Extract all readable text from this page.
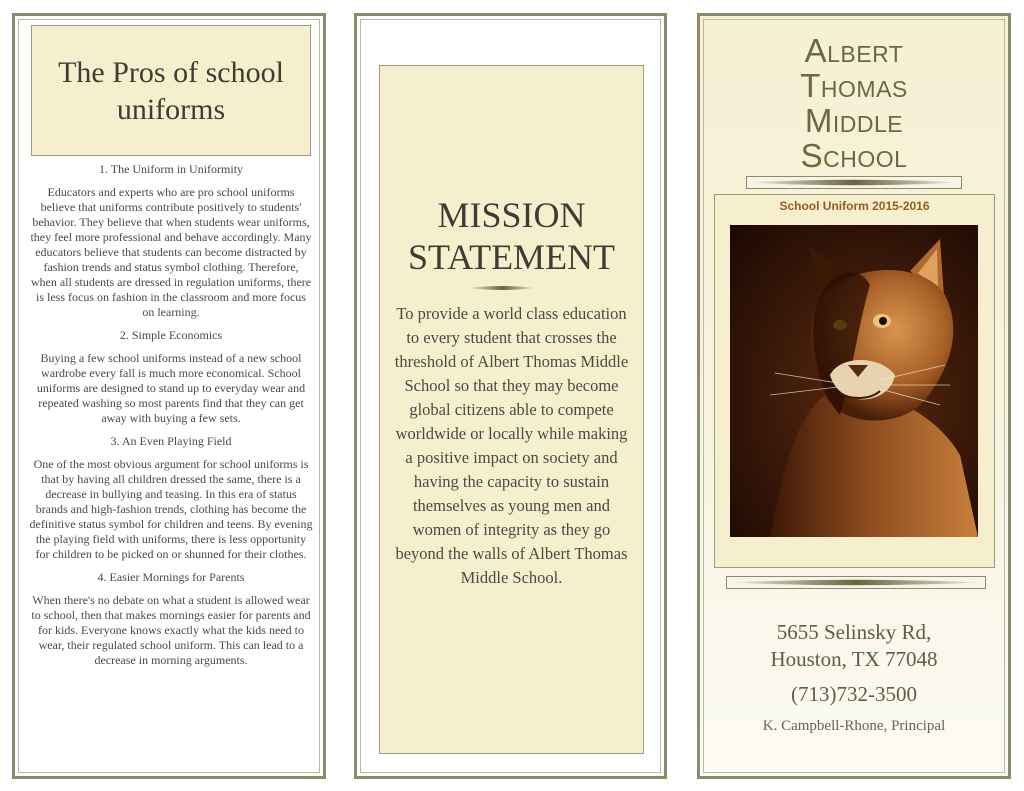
The Pros of school uniforms
1. The Uniform in Uniformity
Educators and experts who are pro school uniforms believe that uniforms contribute positively to students' behavior. They believe that when students wear uniforms, they feel more professional and behave accordingly. Many educators believe that students can become distracted by fashion trends and status symbol clothing. Therefore, when all students are dressed in regulation uniforms, there is less focus on fashion in the classroom and more focus on learning.
2. Simple Economics
Buying a few school uniforms instead of a new school wardrobe every fall is much more economical. School uniforms are designed to stand up to everyday wear and repeated washing so most parents find that they can get away with buying a few sets.
3. An Even Playing Field
One of the most obvious argument for school uniforms is that by having all children dressed the same, there is a decrease in bullying and teasing. In this era of status brands and high-fashion trends, clothing has become the definitive status symbol for children and teens. By evening the playing field with uniforms, there is less opportunity for children to be picked on or shunned for their clothes.
4. Easier Mornings for Parents
When there's no debate on what a student is allowed wear to school, then that makes mornings easier for parents and for kids. Everyone knows exactly what the kids need to wear, their regulated school uniform. This can lead to a decrease in morning arguments.
MISSION
STATEMENT
To provide a world class education to every student that crosses the threshold of Albert Thomas Middle School so that they may become global citizens able to compete worldwide or locally while making a positive impact on society and having the capacity to sustain themselves as young men and women of integrity as they go beyond the walls of Albert Thomas Middle School.
Albert
Thomas
Middle
School
School Uniform 2015-2016
5655 Selinsky Rd,
Houston, TX 77048
(713)732-3500
K. Campbell-Rhone, Principal
